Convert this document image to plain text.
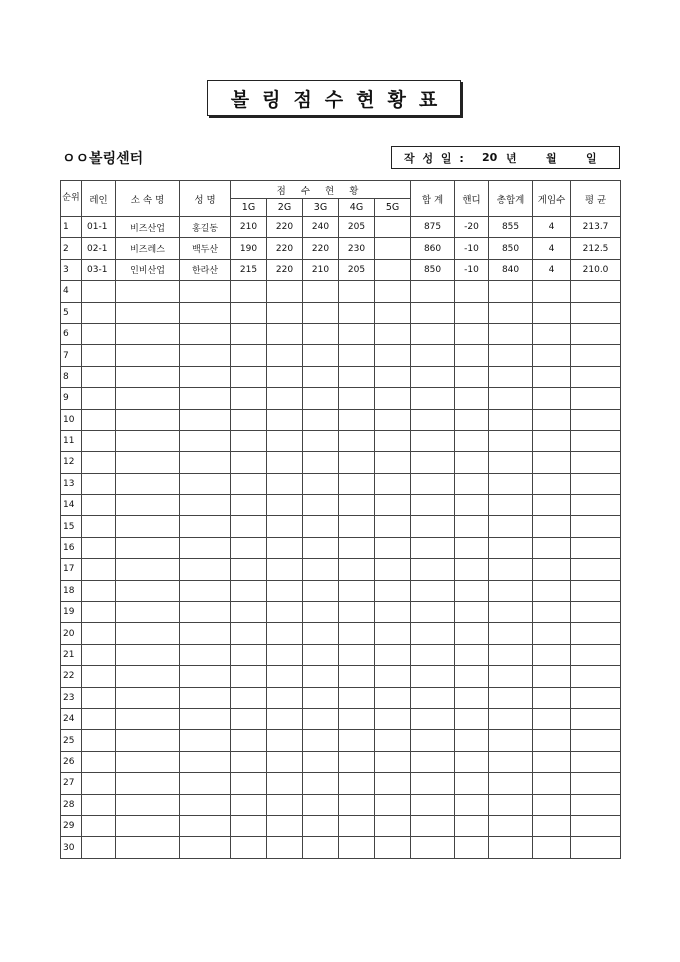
볼링점수현황표
ㅇㅇ볼링센터	작 성 일 :	20 년	월	일
순위	레인	소 속 명	성 명	점 수 현 황					합 계	핸디	총합계	게임수	평 균
				1G	2G	3G	4G	5G					
1	01-1	비즈산업	홍길동	210	220	240	205		875	-20	855	4	213.7
2	02-1	비즈레스	백두산	190	220	220	230		860	-10	850	4	212.5
3	03-1	인비산업	한라산	215	220	210	205		850	-10	840	4	210.0
4													
5													
6													
7													
8													
9													
10													
11													
12													
13													
14													
15													
16													
17													
18													
19													
20													
21													
22													
23													
24													
25													
26													
27													
28													
29													
30													
